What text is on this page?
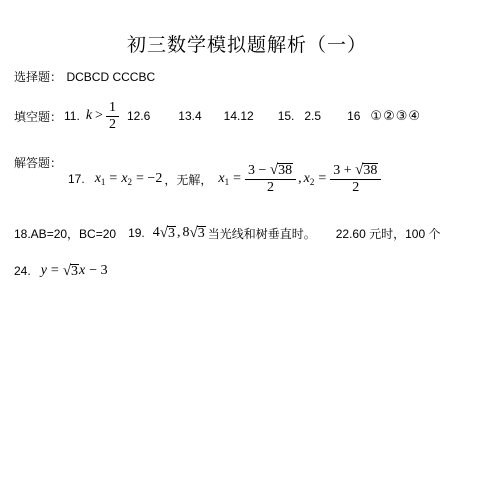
初三数学模拟题解析（一）
选择题： DCBCD CCCBC
填空题： 11. $k > \frac{1}{2} 12.6$ 13.4 14.12 15. 2.5 16 ①②③④
解答题：
17. $x_1 = x_2 = -2$ ，无解， $x_1 = \frac{3 - √ 38}{2}$ , $x_2 = \frac{3 + √ 38}{2}$
18.AB=20，BC=20 19. 4 √ 3 , 8 √ 3 当光线和树垂直时。 22.60 元时，100 个
24. y = √ 3 x − 3
